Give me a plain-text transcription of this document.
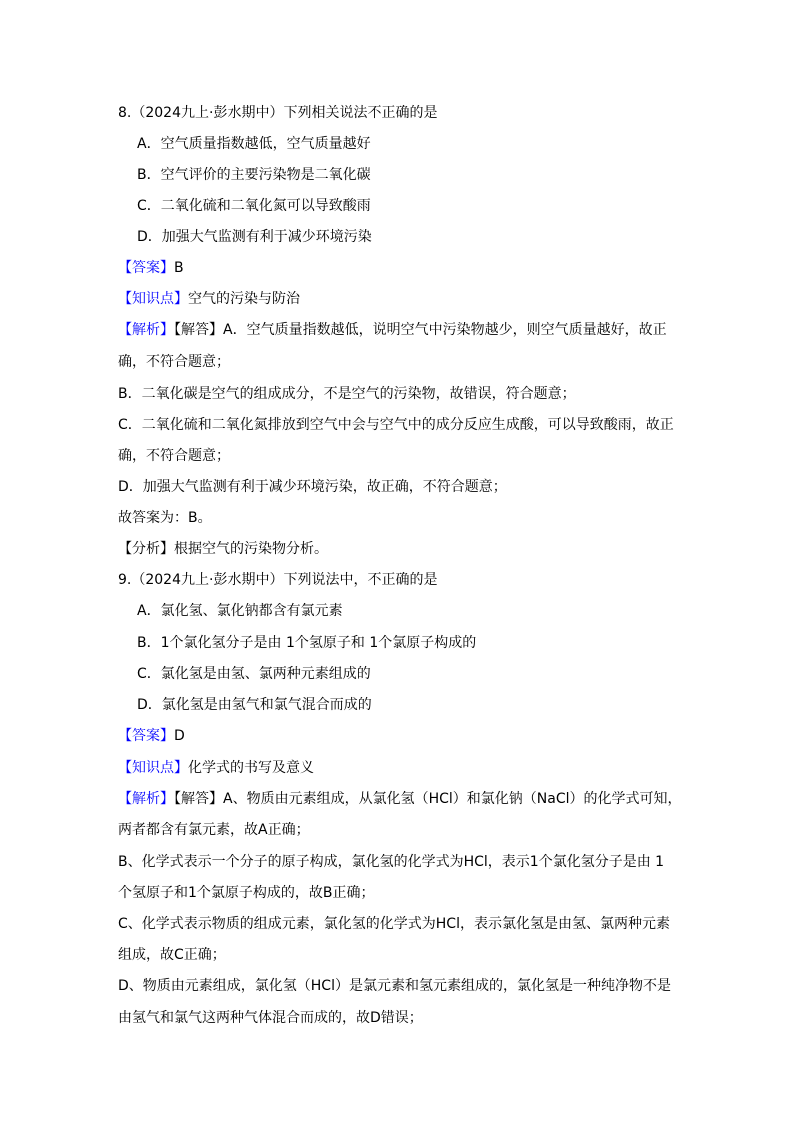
8.（2024九上·彭水期中）下列相关说法不正确的是
A．空气质量指数越低，空气质量越好
B．空气评价的主要污染物是二氧化碳
C．二氧化硫和二氧化氮可以导致酸雨
D．加强大气监测有利于减少环境污染
【答案】B
【知识点】空气的污染与防治
【解析】【解答】A．空气质量指数越低，说明空气中污染物越少，则空气质量越好，故正
确，不符合题意；
B．二氧化碳是空气的组成成分，不是空气的污染物，故错误，符合题意；
C．二氧化硫和二氧化氮排放到空气中会与空气中的成分反应生成酸，可以导致酸雨，故正
确，不符合题意；
D．加强大气监测有利于减少环境污染，故正确，不符合题意；
故答案为：B。
【分析】根据空气的污染物分析。
9.（2024九上·彭水期中）下列说法中，不正确的是
A．氯化氢、氯化钠都含有氯元素
B．1个氯化氢分子是由 1个氢原子和 1个氯原子构成的
C．氯化氢是由氢、氯两种元素组成的
D．氯化氢是由氢气和氯气混合而成的
【答案】D
【知识点】化学式的书写及意义
【解析】【解答】A、物质由元素组成，从氯化氢（HCl）和氯化钠（NaCl）的化学式可知，
两者都含有氯元素，故A正确；
B、化学式表示一个分子的原子构成，氯化氢的化学式为HCl，表示1个氯化氢分子是由 1
个氢原子和1个氯原子构成的，故B正确；
C、化学式表示物质的组成元素，氯化氢的化学式为HCl，表示氯化氢是由氢、氯两种元素
组成，故C正确；
D、物质由元素组成，氯化氢（HCl）是氯元素和氢元素组成的，氯化氢是一种纯净物不是
由氢气和氯气这两种气体混合而成的，故D错误；
